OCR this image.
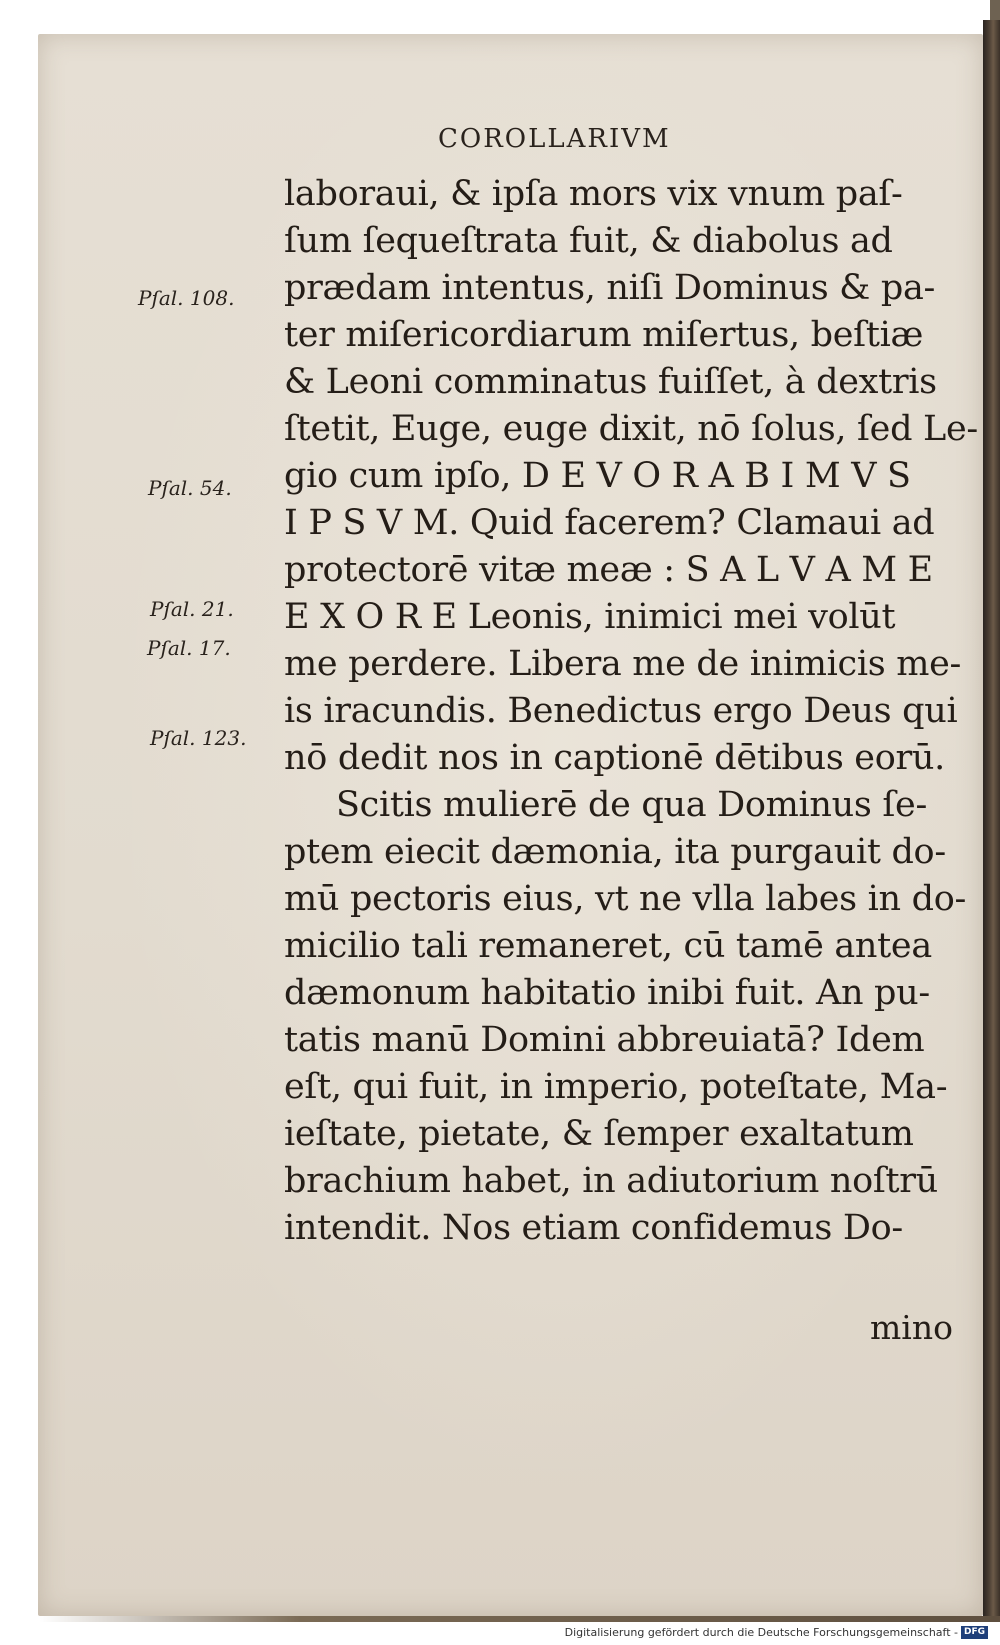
COROLLARIVM
laboraui, & ipſa mors vix vnum paſ-
ſum ſequeſtrata fuit, & diabolus ad
prædam intentus, niſi Dominus & pa-
ter miſericordiarum miſertus, beſtiæ
& Leoni comminatus fuiſſet, à dextris
ſtetit, Euge, euge dixit, nō ſolus, ſed Le-
gio cum ipſo, D E V O R A B I M V S
I P S V M. Quid facerem? Clamaui ad
protectorē vitæ meæ : S A L V A M E
E X O R E Leonis, inimici mei volūt
me perdere. Libera me de inimicis me-
is iracundis. Benedictus ergo Deus qui
nō dedit nos in captionē dētibus eorū.
Scitis mulierē de qua Dominus ſe-
ptem eiecit dæmonia, ita purgauit do-
mū pectoris eius, vt ne vlla labes in do-
micilio tali remaneret, cū tamē antea
dæmonum habitatio inibi fuit. An pu-
tatis manū Domini abbreuiatā? Idem
eſt, qui fuit, in imperio, poteſtate, Ma-
ieſtate, pietate, & ſemper exaltatum
brachium habet, in adiutorium noſtrū
intendit. Nos etiam confidemus Do-
Pſal. 108.
Pſal. 54.
Pſal. 21.
Pſal. 17.
Pſal. 123.
mino
Digitalisierung gefördert durch die Deutsche Forschungsgemeinschaft - DFG
